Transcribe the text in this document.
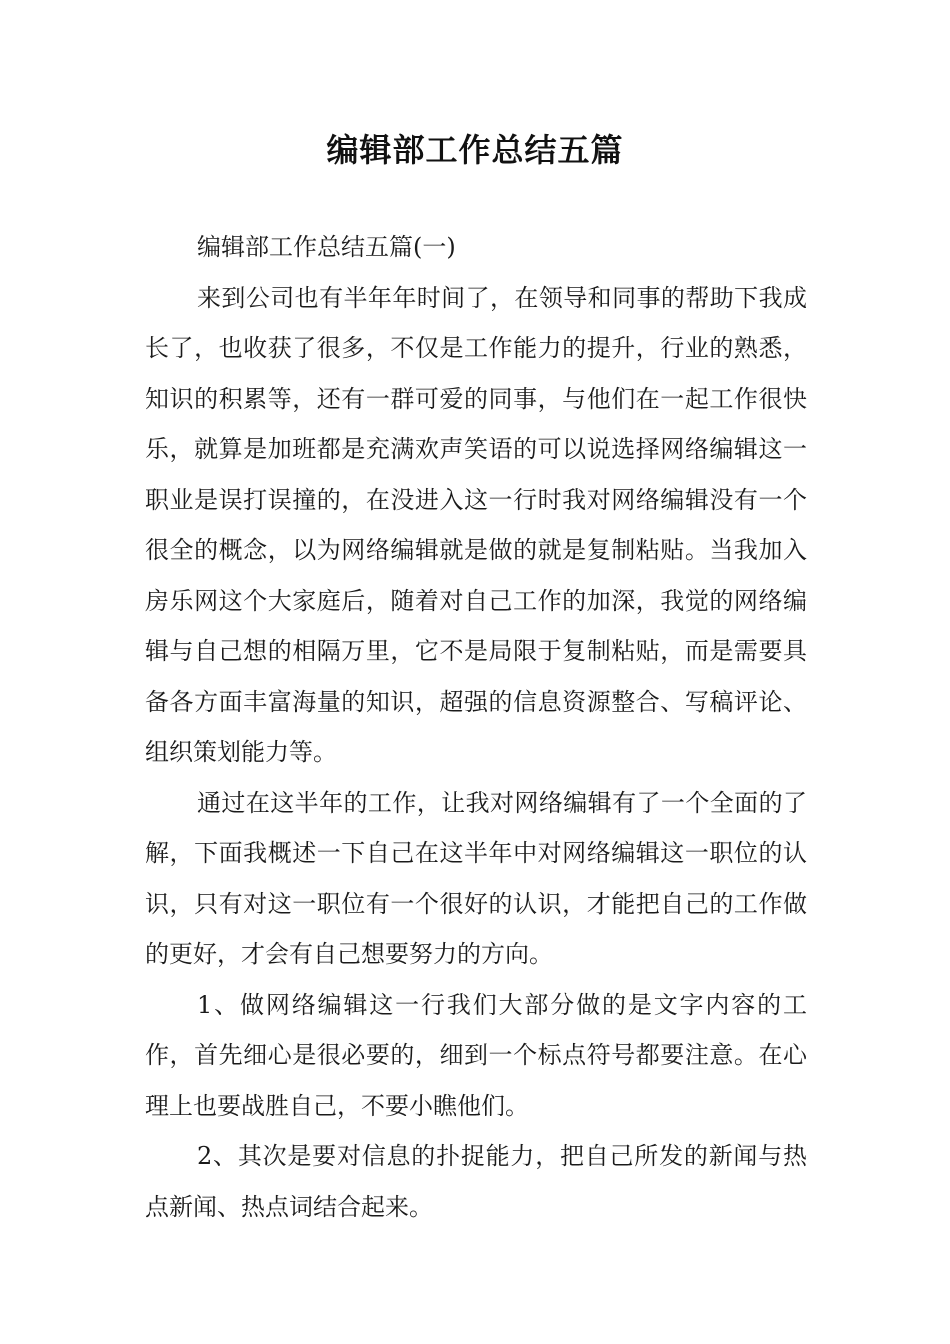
编辑部工作总结五篇

编辑部工作总结五篇(一)

来到公司也有半年年时间了，在领导和同事的帮助下我成长了，也收获了很多，不仅是工作能力的提升，行业的熟悉，知识的积累等，还有一群可爱的同事，与他们在一起工作很快乐，就算是加班都是充满欢声笑语的可以说选择网络编辑这一职业是误打误撞的，在没进入这一行时我对网络编辑没有一个很全的概念，以为网络编辑就是做的就是复制粘贴。当我加入房乐网这个大家庭后，随着对自己工作的加深，我觉的网络编辑与自己想的相隔万里，它不是局限于复制粘贴，而是需要具备各方面丰富海量的知识，超强的信息资源整合、写稿评论、组织策划能力等。

通过在这半年的工作，让我对网络编辑有了一个全面的了解，下面我概述一下自己在这半年中对网络编辑这一职位的认识，只有对这一职位有一个很好的认识，才能把自己的工作做的更好，才会有自己想要努力的方向。

1、做网络编辑这一行我们大部分做的是文字内容的工作，首先细心是很必要的，细到一个标点符号都要注意。在心理上也要战胜自己，不要小瞧他们。

2、其次是要对信息的扑捉能力，把自己所发的新闻与热点新闻、热点词结合起来。
